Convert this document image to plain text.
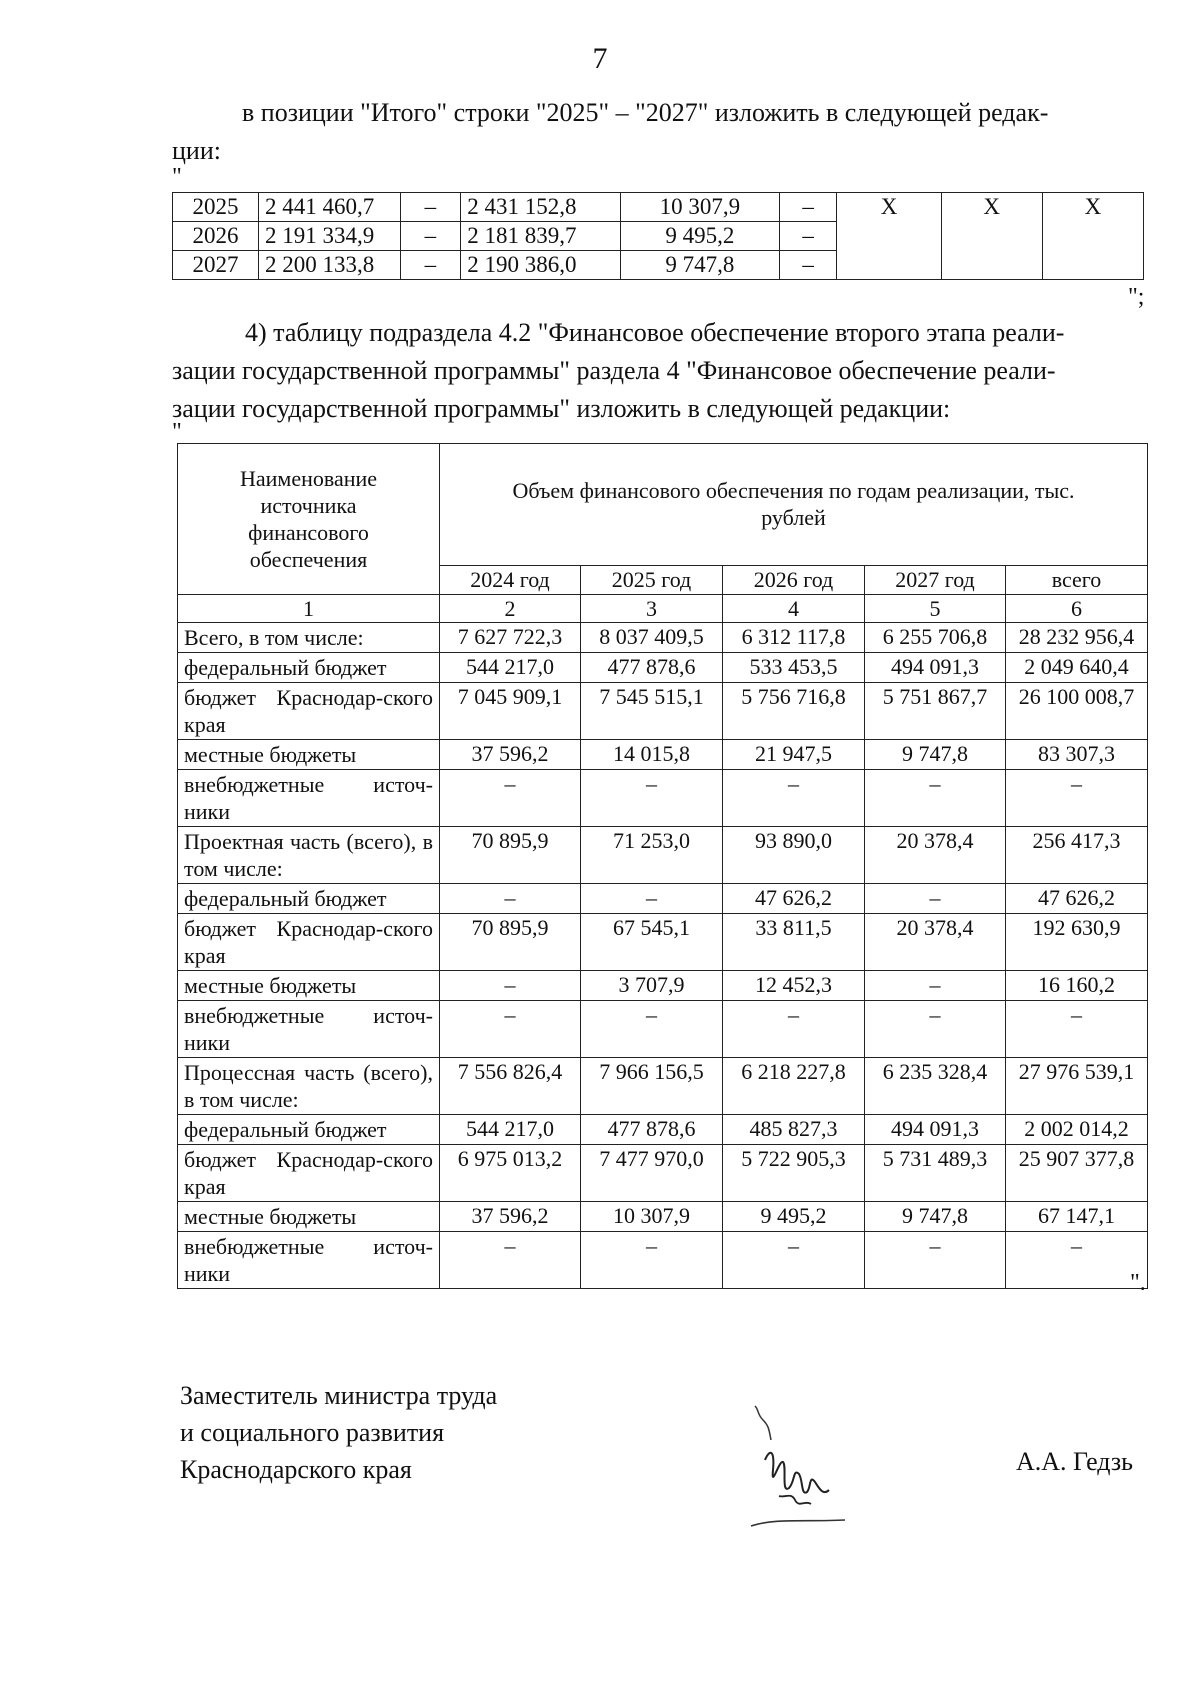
7
в позиции "Итого" строки "2025" – "2027" изложить в следующей редак-
ции:
"
2025	2 441 460,7	–	2 431 152,8	10 307,9	–	X	X	X
2026	2 191 334,9	–	2 181 839,7	9 495,2	–			
2027	2 200 133,8	–	2 190 386,0	9 747,8	–			
";
4) таблицу подраздела 4.2 "Финансовое обеспечение второго этапа реали-
зации государственной программы" раздела 4 "Финансовое обеспечение реали-
зации государственной программы" изложить в следующей редакции:
"
Наименование источника финансового обеспечения	Объем финансового обеспечения по годам реализации, тыс. рублей				

	2024 год	2025 год	2026 год	2027 год	всего
1	2	3	4	5	6
Всего, в том числе:	7 627 722,3	8 037 409,5	6 312 117,8	6 255 706,8	28 232 956,4
федеральный бюджет	544 217,0	477 878,6	533 453,5	494 091,3	2 049 640,4
бюджет Краснодар-ского края	7 045 909,1	7 545 515,1	5 756 716,8	5 751 867,7	26 100 008,7
местные бюджеты	37 596,2	14 015,8	21 947,5	9 747,8	83 307,3
внебюджетные источ-ники	–	–	–	–	–
Проектная часть (всего), в том числе:	70 895,9	71 253,0	93 890,0	20 378,4	256 417,3
федеральный бюджет	–	–	47 626,2	–	47 626,2
бюджет Краснодар-ского края	70 895,9	67 545,1	33 811,5	20 378,4	192 630,9
местные бюджеты	–	3 707,9	12 452,3	–	16 160,2
внебюджетные источ-ники	–	–	–	–	–
Процессная часть (всего), в том числе:	7 556 826,4	7 966 156,5	6 218 227,8	6 235 328,4	27 976 539,1
федеральный бюджет	544 217,0	477 878,6	485 827,3	494 091,3	2 002 014,2
бюджет Краснодар-ского края	6 975 013,2	7 477 970,0	5 722 905,3	5 731 489,3	25 907 377,8
местные бюджеты	37 596,2	10 307,9	9 495,2	9 747,8	67 147,1
внебюджетные источ-ники	–	–	–	–	–
".
Заместитель министра труда
и социального развития
Краснодарского края	А.А. Гедзь
